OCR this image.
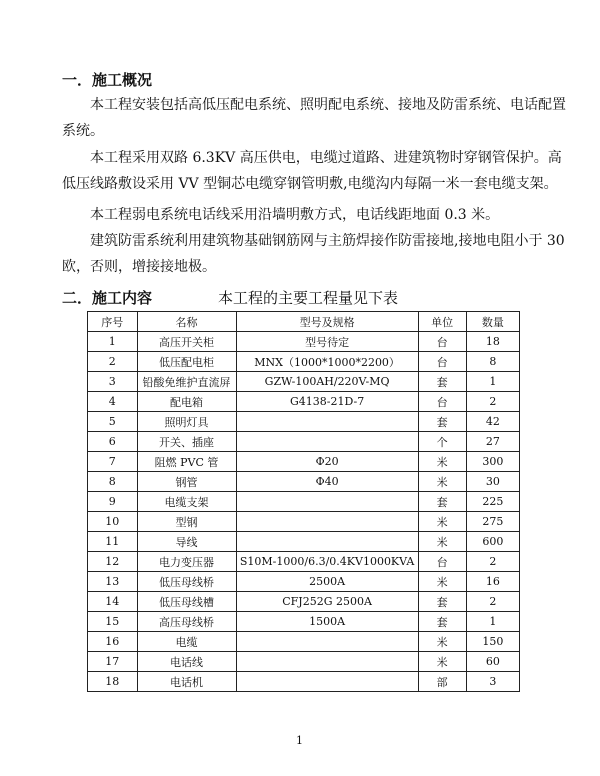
一．施工概况
本工程安装包括高低压配电系统、照明配电系统、接地及防雷系统、电话配置系统。
本工程采用双路 6.3KV 高压供电，电缆过道路、进建筑物时穿钢管保护。高低压线路敷设采用 VV 型铜芯电缆穿钢管明敷,电缆沟内每隔一米一套电缆支架。
本工程弱电系统电话线采用沿墙明敷方式，电话线距地面 0.3 米。
建筑防雷系统利用建筑物基础钢筋网与主筋焊接作防雷接地,接地电阻小于 30 欧，否则，增接接地极。
二．施工内容	本工程的主要工程量见下表
序号	名称	型号及规格	单位	数量
1	高压开关柜	型号待定	台	18
2	低压配电柜	MNX（1000*1000*2200）	台	8
3	铅酸免维护直流屏	GZW-100AH/220V-MQ	套	1
4	配电箱	G4138-21D-7	台	2
5	照明灯具		套	42
6	开关、插座		个	27
7	阻燃 PVC 管	Φ20	米	300
8	钢管	Φ40	米	30
9	电缆支架		套	225
10	型钢		米	275
11	导线		米	600
12	电力变压器	S10M-1000/6.3/0.4KV1000KVA	台	2
13	低压母线桥	2500A	米	16
14	低压母线槽	CFJ252G 2500A	套	2
15	高压母线桥	1500A	套	1
16	电缆		米	150
17	电话线		米	60
18	电话机		部	3
1
